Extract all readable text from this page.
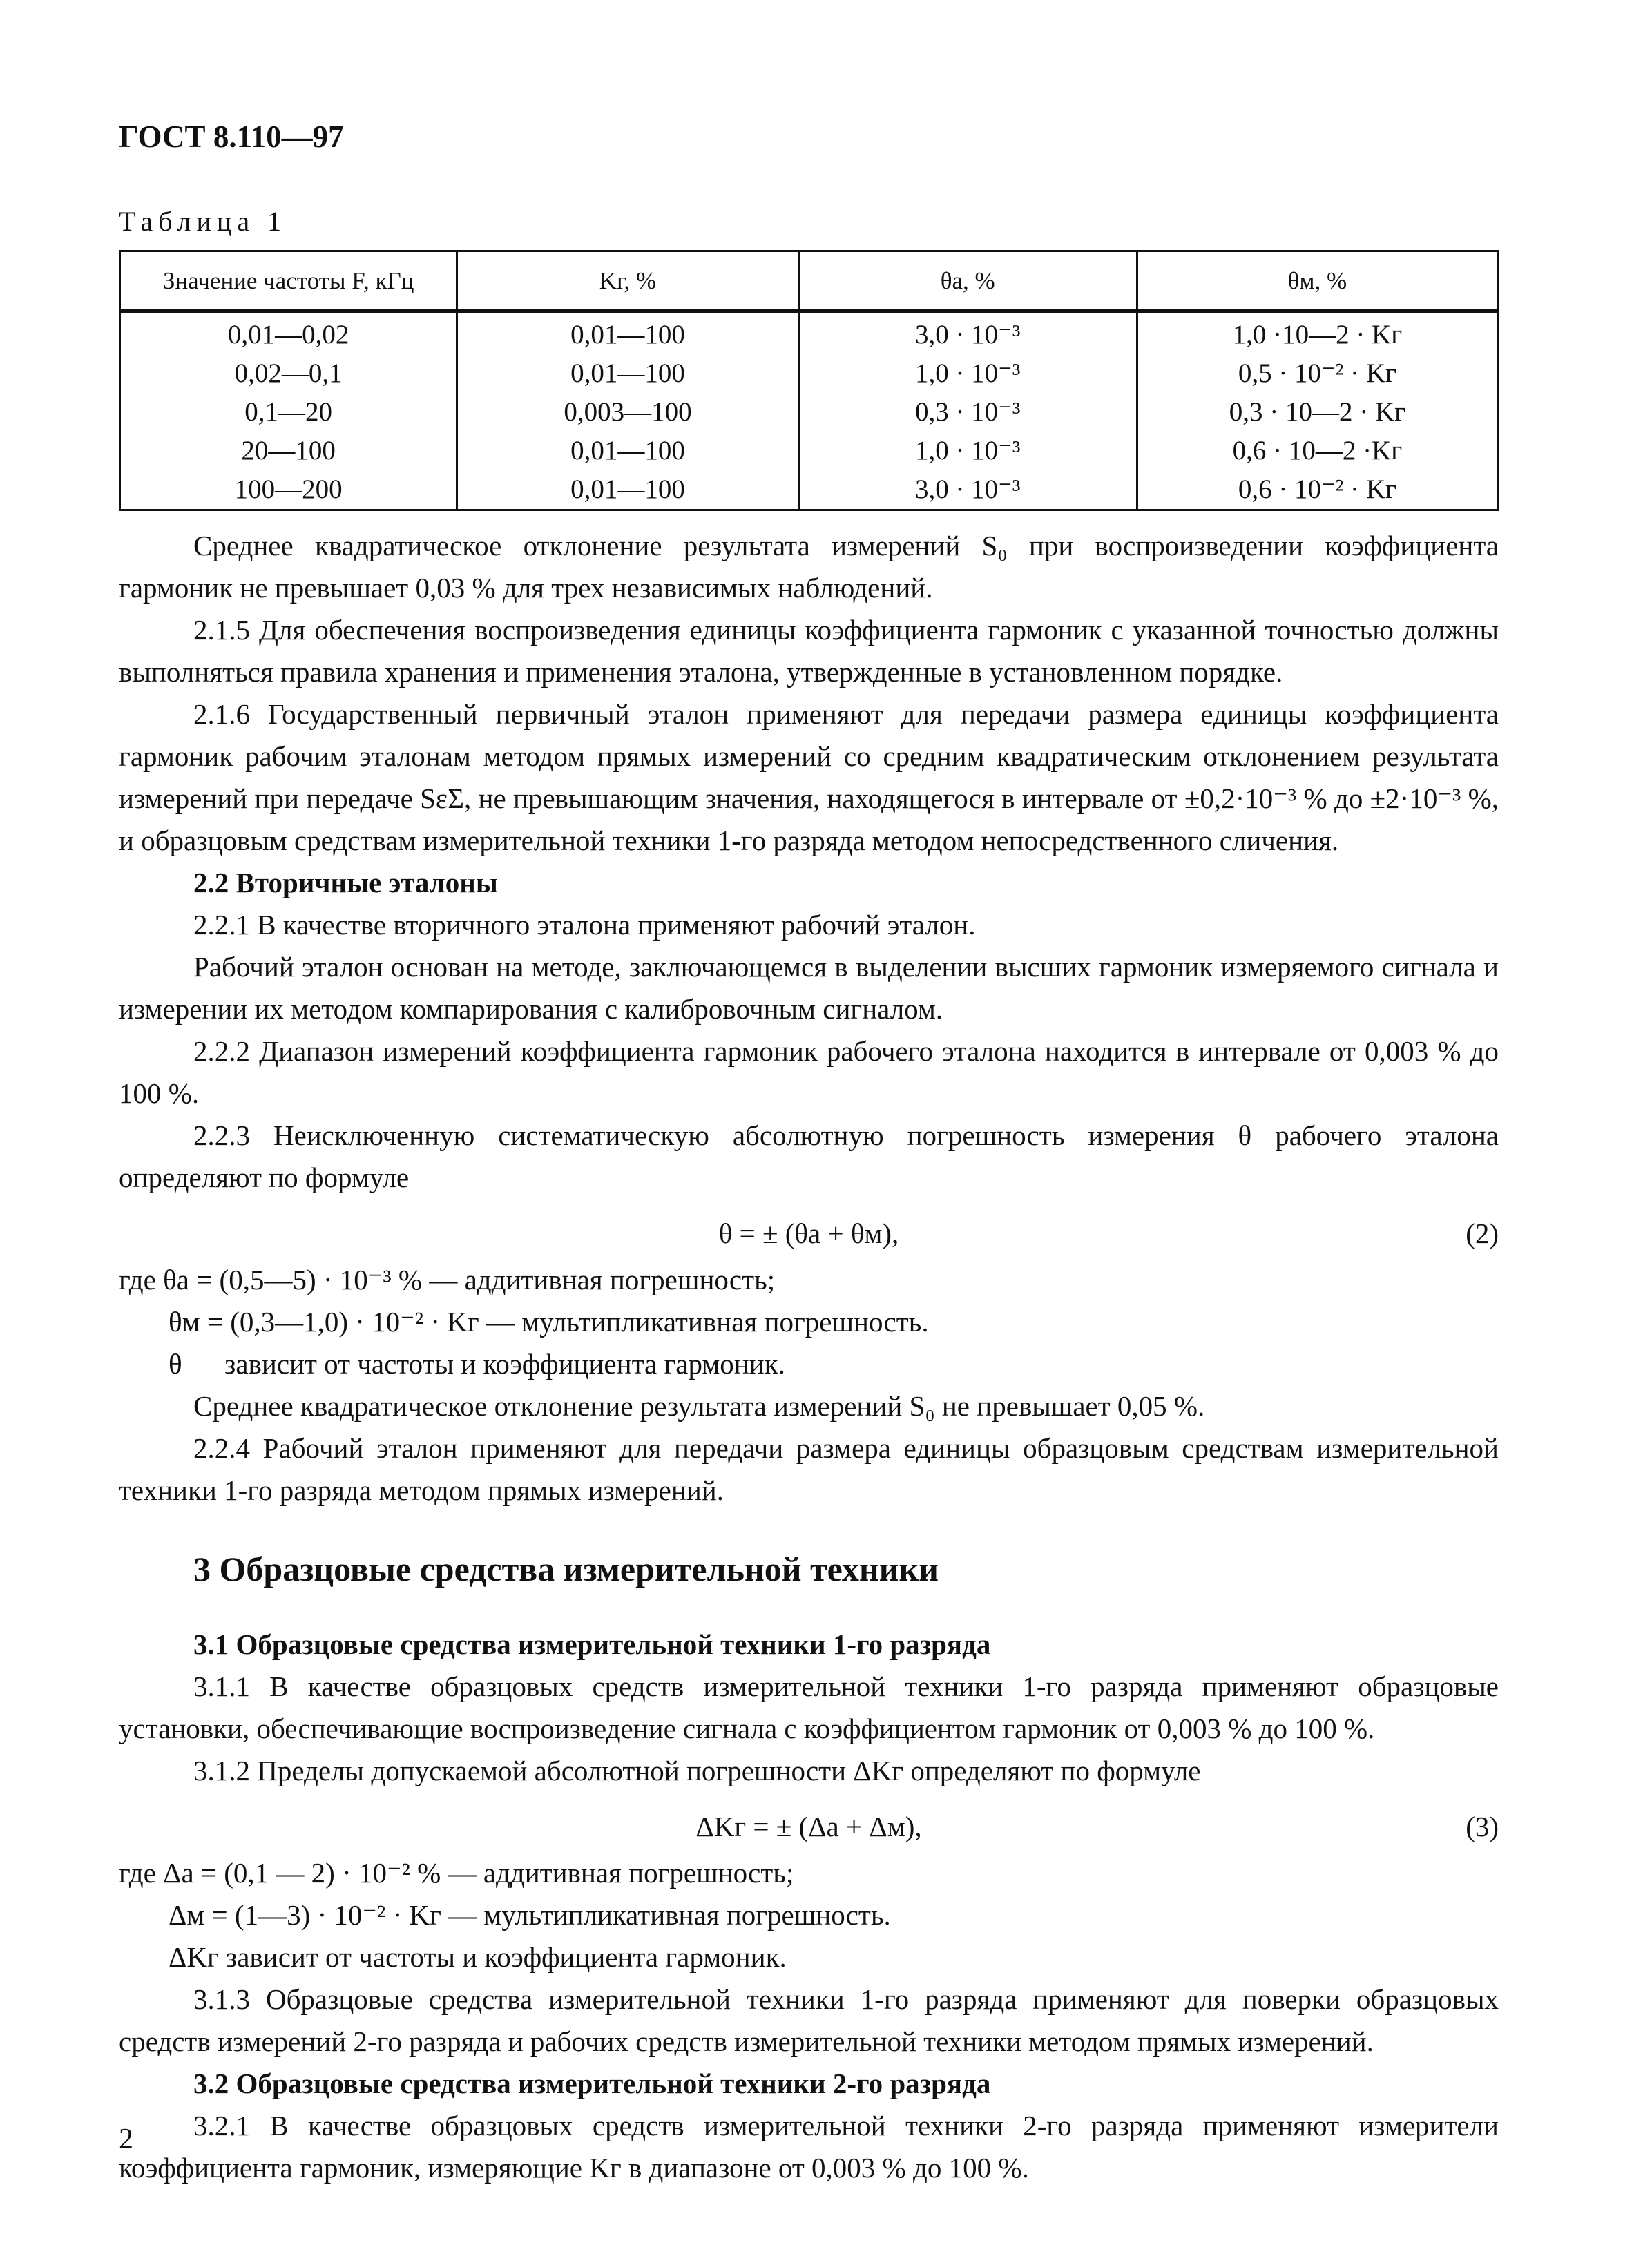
ГОСТ 8.110—97
Таблица 1
Значение частоты F, кГц	Kг, %	θа, %	θм, %
0,01—0,02	0,01—100	3,0 · 10⁻³	1,0 ·10—2 · Kг
0,02—0,1	0,01—100	1,0 · 10⁻³	0,5 · 10⁻² · Kг
0,1—20	0,003—100	0,3 · 10⁻³	0,3 · 10—2 · Kг
20—100	0,01—100	1,0 · 10⁻³	0,6 · 10—2 ·Kг
100—200	0,01—100	3,0 · 10⁻³	0,6 · 10⁻² · Kг

Среднее квадратическое отклонение результата измерений S₀ при воспроизведении коэффициента гармоник не превышает 0,03 % для трех независимых наблюдений.

2.1.5 Для обеспечения воспроизведения единицы коэффициента гармоник с указанной точностью должны выполняться правила хранения и применения эталона, утвержденные в установленном порядке.

2.1.6 Государственный первичный эталон применяют для передачи размера единицы коэффициента гармоник рабочим эталонам методом прямых измерений со средним квадратическим отклонением результата измерений при передаче SεΣ, не превышающим значения, находящегося в интервале от ±0,2·10⁻³ % до ±2·10⁻³ %, и образцовым средствам измерительной техники 1-го разряда методом непосредственного сличения.

2.2 Вторичные эталоны

2.2.1 В качестве вторичного эталона применяют рабочий эталон.

Рабочий эталон основан на методе, заключающемся в выделении высших гармоник измеряемого сигнала и измерении их методом компарирования с калибровочным сигналом.

2.2.2 Диапазон измерений коэффициента гармоник рабочего эталона находится в интервале от 0,003 % до 100 %.

2.2.3 Неисключенную систематическую абсолютную погрешность измерения θ рабочего эталона определяют по формуле

θ = ± (θа + θм),	(2)

где θа = (0,5—5) · 10⁻³ % — аддитивная погрешность;

θм = (0,3—1,0) · 10⁻² · Kг — мультипликативная погрешность.

θ      зависит от частоты и коэффициента гармоник.

Среднее квадратическое отклонение результата измерений S₀ не превышает 0,05 %.

2.2.4 Рабочий эталон применяют для передачи размера единицы образцовым средствам измерительной техники 1-го разряда методом прямых измерений.

3 Образцовые средства измерительной техники

3.1 Образцовые средства измерительной техники 1-го разряда

3.1.1 В качестве образцовых средств измерительной техники 1-го разряда применяют образцовые установки, обеспечивающие воспроизведение сигнала с коэффициентом гармоник от 0,003 % до 100 %.

3.1.2 Пределы допускаемой абсолютной погрешности ΔKг определяют по формуле

ΔKг = ± (Δа + Δм),	(3)

где Δа = (0,1 — 2) · 10⁻² % — аддитивная погрешность;

Δм = (1—3) · 10⁻² · Kг — мультипликативная погрешность.

ΔKг зависит от частоты и коэффициента гармоник.

3.1.3 Образцовые средства измерительной техники 1-го разряда применяют для поверки образцовых средств измерений 2-го разряда и рабочих средств измерительной техники методом прямых измерений.

3.2 Образцовые средства измерительной техники 2-го разряда

3.2.1 В качестве образцовых средств измерительной техники 2-го разряда применяют измерители коэффициента гармоник, измеряющие Kг в диапазоне от 0,003 % до 100 %.

2
